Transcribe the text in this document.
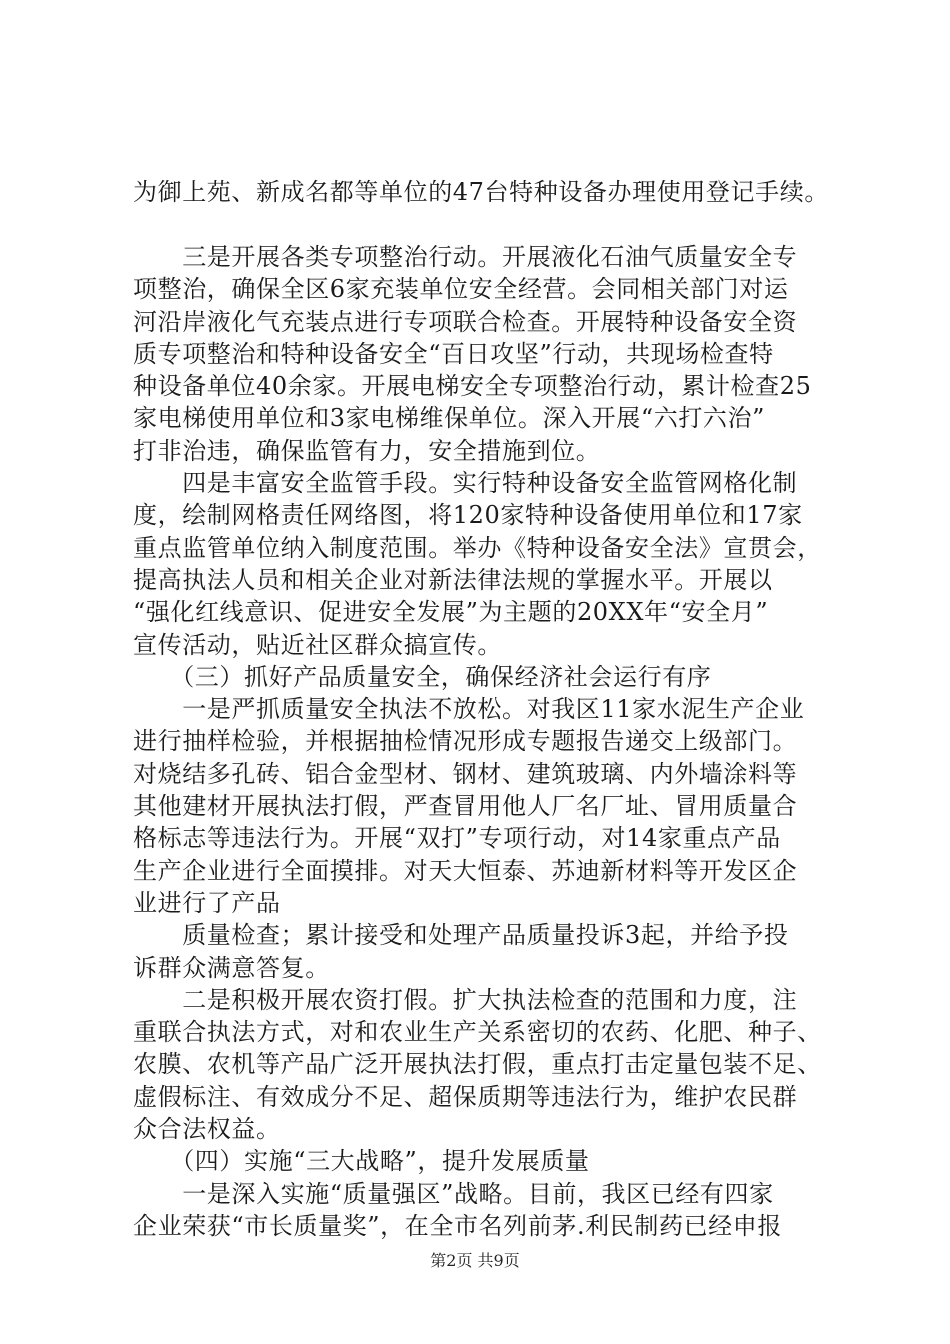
为御上苑、新成名都等单位的47台特种设备办理使用登记手续。
　　三是开展各类专项整治行动。开展液化石油气质量安全专
项整治，确保全区6家充装单位安全经营。会同相关部门对运
河沿岸液化气充装点进行专项联合检查。开展特种设备安全资
质专项整治和特种设备安全“百日攻坚”行动，共现场检查特
种设备单位40余家。开展电梯安全专项整治行动，累计检查25
家电梯使用单位和3家电梯维保单位。深入开展“六打六治”
打非治违，确保监管有力，安全措施到位。
　　四是丰富安全监管手段。实行特种设备安全监管网格化制
度，绘制网格责任网络图，将120家特种设备使用单位和17家
重点监管单位纳入制度范围。举办《特种设备安全法》宣贯会，
提高执法人员和相关企业对新法律法规的掌握水平。开展以
“强化红线意识、促进安全发展”为主题的20XX年“安全月”
宣传活动，贴近社区群众搞宣传。
　　（三）抓好产品质量安全，确保经济社会运行有序
　　一是严抓质量安全执法不放松。对我区11家水泥生产企业
进行抽样检验，并根据抽检情况形成专题报告递交上级部门。
对烧结多孔砖、铝合金型材、钢材、建筑玻璃、内外墙涂料等
其他建材开展执法打假，严查冒用他人厂名厂址、冒用质量合
格标志等违法行为。开展“双打”专项行动，对14家重点产品
生产企业进行全面摸排。对天大恒泰、苏迪新材料等开发区企
业进行了产品
　　质量检查；累计接受和处理产品质量投诉3起，并给予投
诉群众满意答复。
　　二是积极开展农资打假。扩大执法检查的范围和力度，注
重联合执法方式，对和农业生产关系密切的农药、化肥、种子、
农膜、农机等产品广泛开展执法打假，重点打击定量包装不足、
虚假标注、有效成分不足、超保质期等违法行为，维护农民群
众合法权益。
　　（四）实施“三大战略”，提升发展质量
　　一是深入实施“质量强区”战略。目前，我区已经有四家
企业荣获“市长质量奖”，在全市名列前茅.利民制药已经申报
第2页 共9页
